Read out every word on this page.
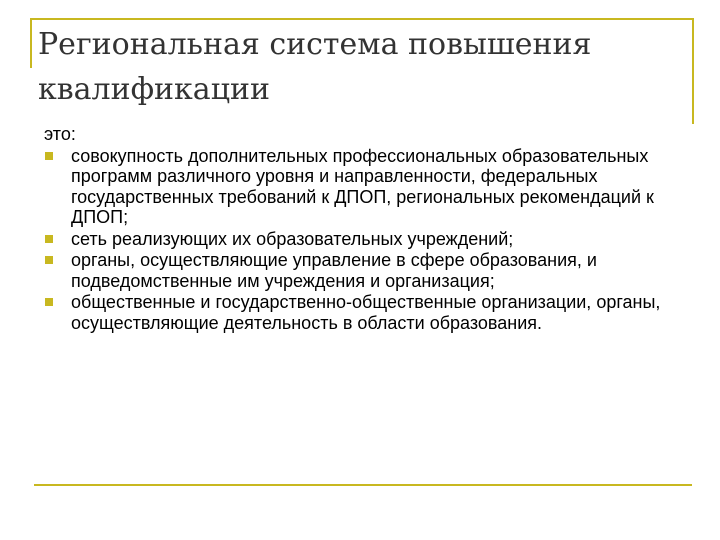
Региональная система повышения квалификации
это:
совокупность дополнительных профессиональных образовательных программ различного уровня и направленности, федеральных государственных требований к ДПОП, региональных рекомендаций к ДПОП;
сеть реализующих их образовательных учреждений;
органы, осуществляющие управление в сфере образования, и подведомственные им учреждения и организация;
общественные и государственно-общественные организации, органы, осуществляющие деятельность в области образования.
